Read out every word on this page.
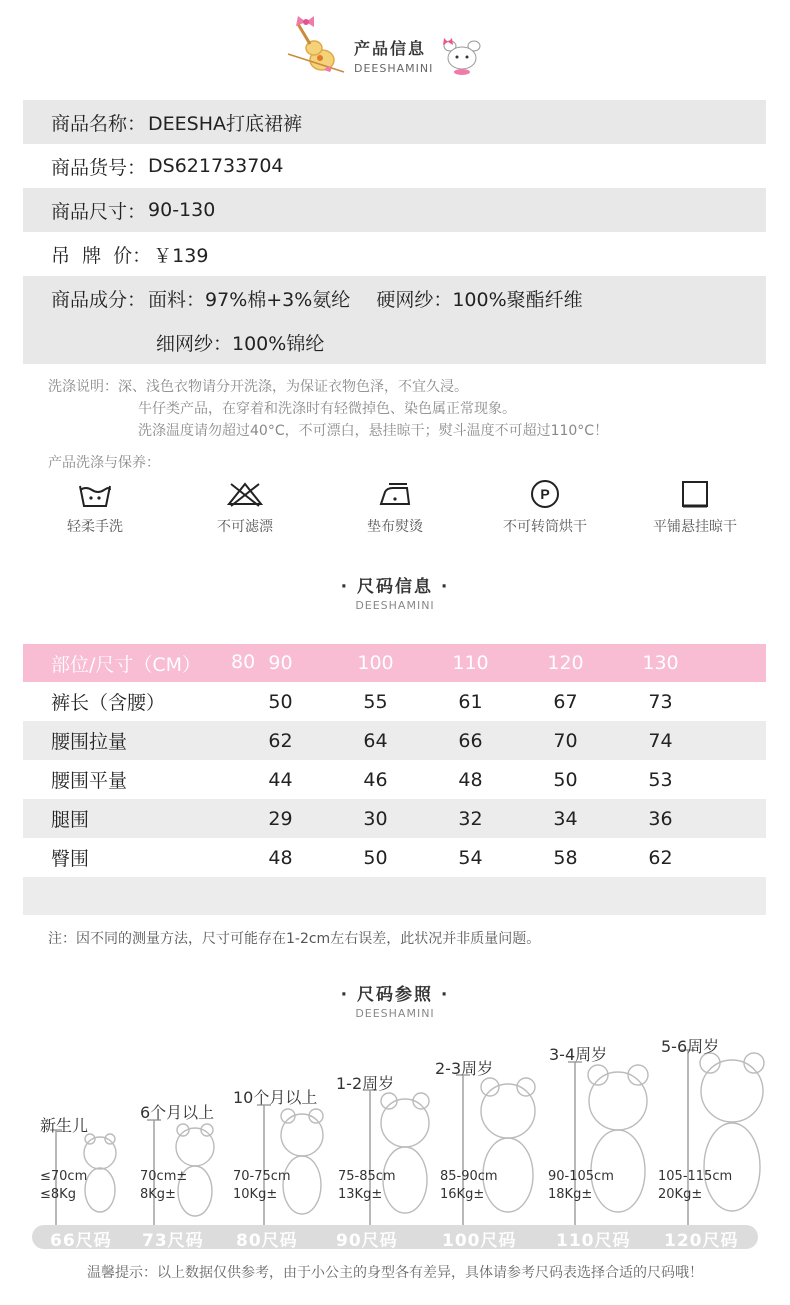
产品信息
DEESHAMINI
商品名称： DEESHA打底裙裤
商品货号： DS621733704
商品尺寸： 90-130
吊  牌  价： ￥139
商品成分： 面料：97%棉+3%氨纶 硬网纱：100%聚酯纤维
细网纱：100%锦纶
洗涤说明：深、浅色衣物请分开洗涤，为保证衣物色泽，不宜久浸。
牛仔类产品，在穿着和洗涤时有轻微掉色、染色属正常现象。
洗涤温度请勿超过40°C，不可漂白，悬挂晾干；熨斗温度不可超过110°C！
产品洗涤与保养：
轻柔手洗	不可滤漂	垫布熨烫
P
不可转筒烘干	平铺悬挂晾干
· 尺码信息 ·
DEESHAMINI
部位/尺寸（CM）	80 90	100	110	120	130
裤长（含腰）	50	55	61	67	73
腰围拉量	62	64	66	70	74
腰围平量	44	46	48	50	53
腿围	29	30	32	34	36
臀围	48	50	54	58	62
注：因不同的测量方法，尺寸可能存在1-2cm左右误差，此状况并非质量问题。
· 尺码参照 ·
DEESHAMINI
新生儿
6个月以上
10个月以上
1-2周岁
2-3周岁
3-4周岁	5-6周岁
≤70cm
≤8Kg
70cm±
8Kg±
70-75cm
10Kg±
75-85cm
13Kg±
85-90cm
16Kg±
90-105cm
18Kg±
105-115cm
20Kg±
66尺码 73尺码 80尺码 90尺码	100尺码 110尺码 120尺码
温馨提示：以上数据仅供参考，由于小公主的身型各有差异，具体请参考尺码表选择合适的尺码哦！
